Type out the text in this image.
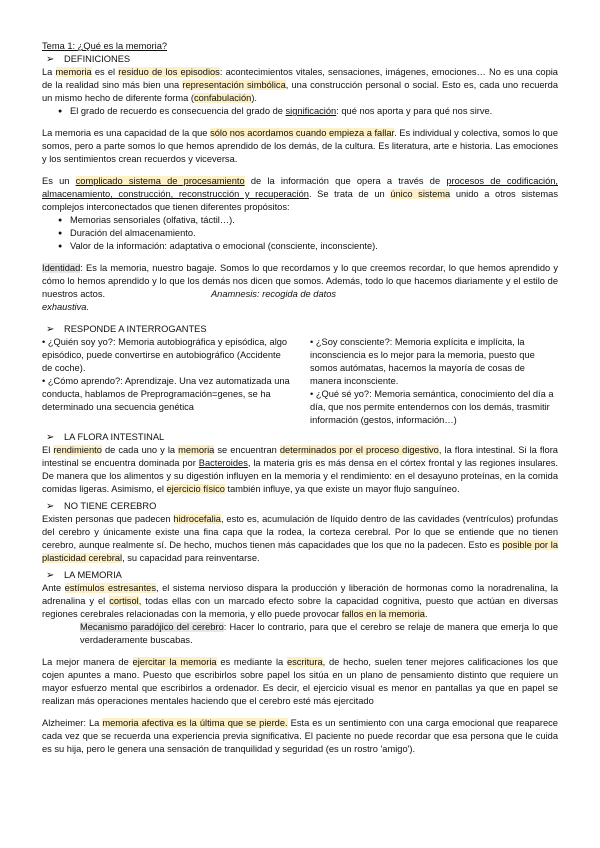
Tema 1: ¿Qué es la memoria?

➢	DEFINICIONES

La memoria es el residuo de los episodios: acontecimientos vitales, sensaciones, imágenes, emociones… No es una copia de la realidad sino más bien una representación simbólica, una construcción personal o social. Esto es, cada uno recuerda un mismo hecho de diferente forma (confabulación).

● El grado de recuerdo es consecuencia del grado de significación: qué nos aporta y para qué nos sirve.

La memoria es una capacidad de la que sólo nos acordamos cuando empieza a fallar. Es individual y colectiva, somos lo que somos, pero a parte somos lo que hemos aprendido de los demás, de la cultura. Es literatura, arte e historia. Las emociones y los sentimientos crean recuerdos y viceversa.

Es un complicado sistema de procesamiento de la información que opera a través de procesos de codificación, almacenamiento, construcción, reconstrucción y recuperación. Se trata de un único sistema unido a otros sistemas complejos interconectados que tienen diferentes propósitos:

● Memorias sensoriales (olfativa, táctil…).
● Duración del almacenamiento.
● Valor de la información: adaptativa o emocional (consciente, inconsciente).

Identidad: Es la memoria, nuestro bagaje. Somos lo que recordamos y lo que creemos recordar, lo que hemos aprendido y cómo lo hemos aprendido y lo que los demás nos dicen que somos. Además, todo lo que hacemos diariamente y el estilo de nuestros actos.	Anamnesis: recogida de datos
exhaustiva.

➢	RESPONDE A INTERROGANTES

• ¿Quién soy yo?: Memoria autobiográfica y episódica, algo episódico, puede convertirse en autobiográfico (Accidente de coche).

• ¿Cómo aprendo?: Aprendizaje. Una vez automatizada una conducta, hablamos de Preprogramación=genes, se ha determinado una secuencia genética

• ¿Soy consciente?: Memoria explícita e implícita, la inconsciencia es lo mejor para la memoria, puesto que somos autómatas, hacemos la mayoría de cosas de manera inconsciente.

• ¿Qué sé yo?: Memoria semántica, conocimiento del día a día, que nos permite entendernos con los demás, trasmitir información (gestos, información…)

➢	LA FLORA INTESTINAL

El rendimiento de cada uno y la memoria se encuentran determinados por el proceso digestivo, la flora intestinal. Si la flora intestinal se encuentra dominada por Bacteroides, la materia gris es más densa en el córtex frontal y las regiones insulares. De manera que los alimentos y su digestión influyen en la memoria y el rendimiento: en el desayuno proteínas, en la comida comidas ligeras. Asimismo, el ejercicio físico también influye, ya que existe un mayor flujo sanguíneo.

➢	NO TIENE CEREBRO

Existen personas que padecen hidrocefalia, esto es, acumulación de líquido dentro de las cavidades (ventrículos) profundas del cerebro y únicamente existe una fina capa que la rodea, la corteza cerebral. Por lo que se entiende que no tienen cerebro, aunque realmente sí. De hecho, muchos tienen más capacidades que los que no la padecen. Esto es posible por la plasticidad cerebral, su capacidad para reinventarse.

➢	LA MEMORIA

Ante estímulos estresantes, el sistema nervioso dispara la producción y liberación de hormonas como la noradrenalina, la adrenalina y el cortisol, todas ellas con un marcado efecto sobre la capacidad cognitiva, puesto que actúan en diversas regiones cerebrales relacionadas con la memoria, y ello puede provocar fallos en la memoria.

Mecanismo paradójico del cerebro: Hacer lo contrario, para que el cerebro se relaje de manera que emerja lo que verdaderamente buscabas.

La mejor manera de ejercitar la memoria es mediante la escritura, de hecho, suelen tener mejores calificaciones los que cojen apuntes a mano. Puesto que escribirlos sobre papel los sitúa en un plano de pensamiento distinto que requiere un mayor esfuerzo mental que escribirlos a ordenador. Es decir, el ejercicio visual es menor en pantallas ya que en papel se realizan más operaciones mentales haciendo que el cerebro esté más ejercitado

Alzheimer: La memoria afectiva es la última que se pierde. Esta es un sentimiento con una carga emocional que reaparece cada vez que se recuerda una experiencia previa significativa. El paciente no puede recordar que esa persona que le cuida es su hija, pero le genera una sensación de tranquilidad y seguridad (es un rostro 'amigo').
